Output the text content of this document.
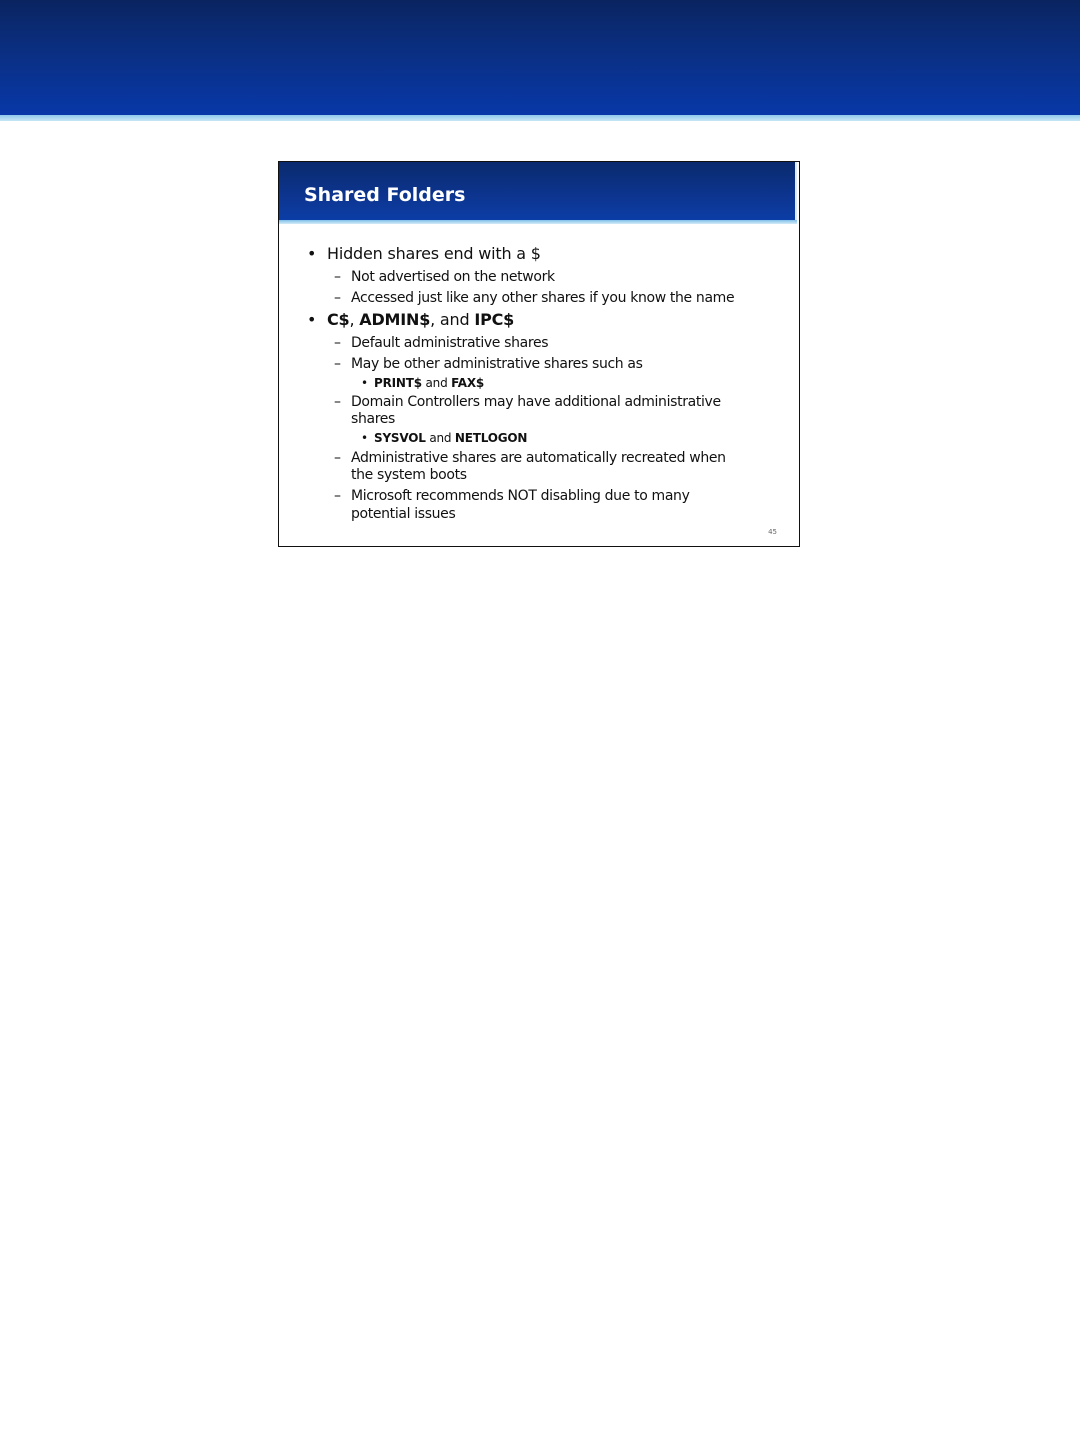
Shared Folders
• Hidden shares end with a $
– Not advertised on the network
– Accessed just like any other shares if you know the name
• C$, ADMIN$, and IPC$
– Default administrative shares
– May be other administrative shares such as
• PRINT$ and FAX$
– Domain Controllers may have additional administrative
shares
• SYSVOL and NETLOGON
– Administrative shares are automatically recreated when
the system boots
– Microsoft recommends NOT disabling due to many
potential issues
45
